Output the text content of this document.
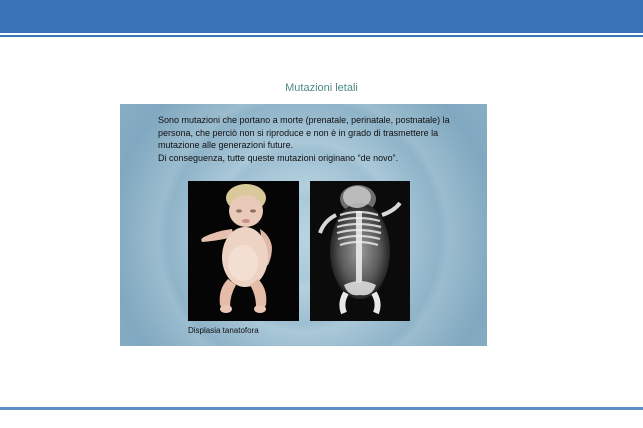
Mutazioni letali

Sono mutazioni che portano a morte (prenatale, perinatale, postnatale) la persona, che perciò non si riproduce e non è in grado di trasmettere la mutazione alle generazioni future.

Di conseguenza, tutte queste mutazioni originano “de novo”.

Displasia tanatofora
